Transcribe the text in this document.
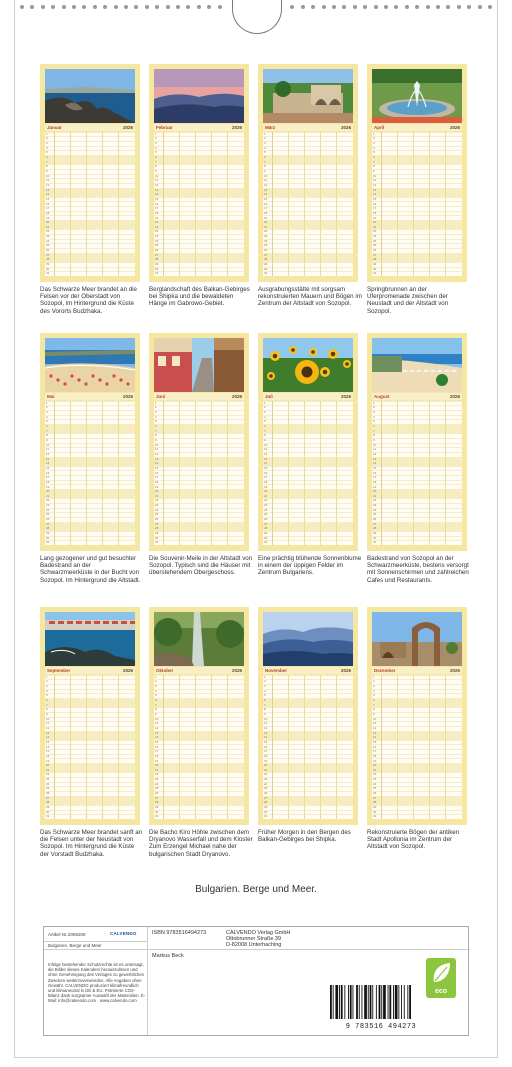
Januar	2026
1
2
3
4
5
6
7
8
9
10
11
12
13
14
15
16
17
18
19
20
21
22
23
24
25
26
27
28
29
30
31
Das Schwarze Meer brandet an die Felsen vor der Oberstadt von Sozopol, im Hintergrund die Küste des Vororts Budzhaka.
Februar	2026
1
2
3
4
5
6
7
8
9
10
11
12
13
14
15
16
17
18
19
20
21
22
23
24
25
26
27
28
29
30
31
Berglandschaft des Balkan-Gebirges bei Shipka und die bewaldeten Hänge im Gabrowo-Gebiet.
März	2026
1
2
3
4
5
6
7
8
9
10
11
12
13
14
15
16
17
18
19
20
21
22
23
24
25
26
27
28
29
30
31
Ausgrabungsstätte mit sorgsam rekonstruierten Mauern und Bögen im Zentrum der Altstadt von Sozopol.
April	2026
1
2
3
4
5
6
7
8
9
10
11
12
13
14
15
16
17
18
19
20
21
22
23
24
25
26
27
28
29
30
31
Springbrunnen an der Uferpromenade zwischen der Neustadt und der Altstadt von Sozopol.
Mai	2026
1
2
3
4
5
6
7
8
9
10
11
12
13
14
15
16
17
18
19
20
21
22
23
24
25
26
27
28
29
30
31
Lang gezogener und gut besuchter Badestrand an der Schwarzmeerküste in der Bucht von Sozopol. Im Hintergrund die Altstadt.
Juni	2026
1
2
3
4
5
6
7
8
9
10
11
12
13
14
15
16
17
18
19
20
21
22
23
24
25
26
27
28
29
30
31
Die Souvenir-Meile in der Altstadt von Sozopol. Typisch sind die Häuser mit überstehendem Obergeschoss.
Juli	2026
1
2
3
4
5
6
7
8
9
10
11
12
13
14
15
16
17
18
19
20
21
22
23
24
25
26
27
28
29
30
31
Eine prächtig blühende Sonnenblume in einem der üppigen Felder im Zentrum Bulgariens.
August	2026
1
2
3
4
5
6
7
8
9
10
11
12
13
14
15
16
17
18
19
20
21
22
23
24
25
26
27
28
29
30
31
Badestrand von Sozopol an der Schwarzmeerküste, bestens versorgt mit Sonnenschirmen und zahlreichen Cafes und Restaurants.
September	2026
1
2
3
4
5
6
7
8
9
10
11
12
13
14
15
16
17
18
19
20
21
22
23
24
25
26
27
28
29
30
31
Das Schwarze Meer brandet sanft an die Felsen unter der Neustadt von Sozopol. Im Hintergrund die Küste der Vorstadt Budzhaka.
Oktober	2026
1
2
3
4
5
6
7
8
9
10
11
12
13
14
15
16
17
18
19
20
21
22
23
24
25
26
27
28
29
30
31
Die Bacho Kiro Höhle zwischen dem Dryanovo Wasserfall und dem Kloster Zum Erzengel Michael nahe der bulgarischen Stadt Dryanovo.
November	2026
1
2
3
4
5
6
7
8
9
10
11
12
13
14
15
16
17
18
19
20
21
22
23
24
25
26
27
28
29
30
31
Früher Morgen in den Bergen des Balkan-Gebirges bei Shipka.
Dezember	2026
1
2
3
4
5
6
7
8
9
10
11
12
13
14
15
16
17
18
19
20
21
22
23
24
25
26
27
28
29
30
31
Rekonstruierte Bögen der antiken Stadt Apollonia im Zentrum der Altstadt von Sozopol.
Bulgarien. Berge und Meer.
Artikel Nr.: 2066306	CALVENDO
Bulgarien. Berge und Meer
Infolge bestehender Schutzrechte ist es untersagt, die Bilder dieses Kalenders herauszulösen und ohne Genehmigung des Verlages zu gewerblichen Zwecken weiterzuverwenden. Alle Angaben ohne Gewähr. CALVENDO produziert klimafreundlich und klimaneutral in DE & EU. Prämierte CO2-Bilanz dank sorgsamer Auswahl der Materialien. E-Mail: info@calvendo.com · www.calvendo.com
ISBN 9783516494273
Markus Beck
CALVENDO Verlag GmbH
Ottobrunner Straße 39
D-82008 Unterhaching
9 783516 494273
eco
